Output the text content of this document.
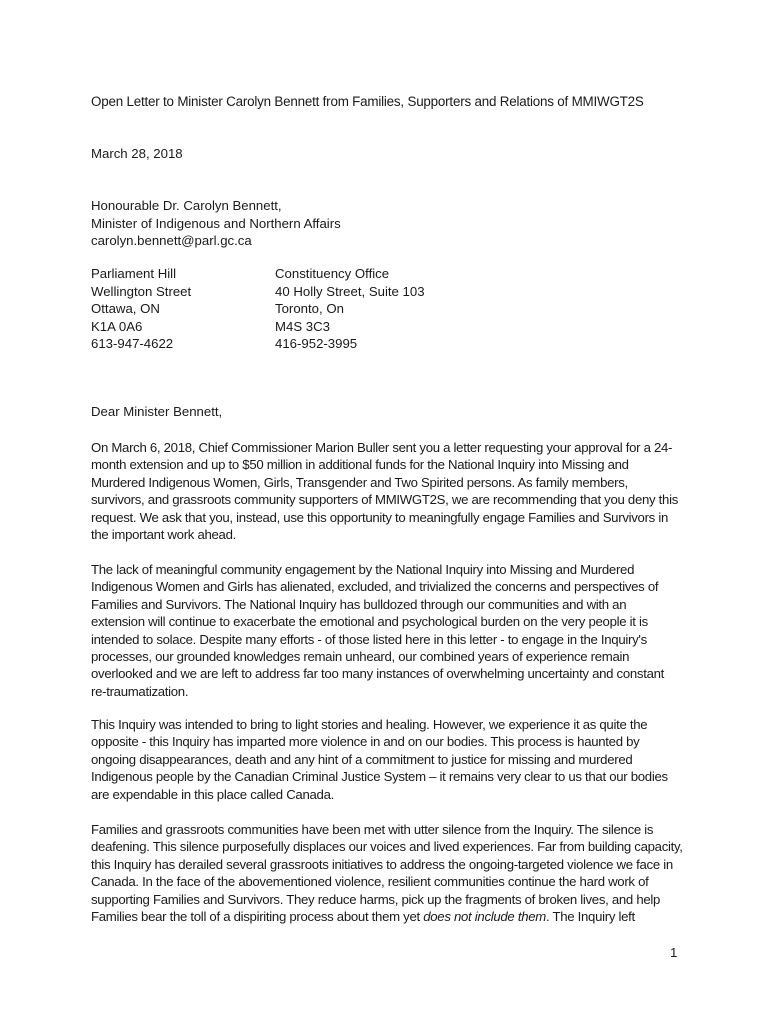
Open Letter to Minister Carolyn Bennett from Families, Supporters and Relations of MMIWGT2S
March 28, 2018
Honourable Dr. Carolyn Bennett,
Minister of Indigenous and Northern Affairs
carolyn.bennett@parl.gc.ca
Parliament Hill
Wellington Street
Ottawa, ON
K1A 0A6
613-947-4622
Constituency Office
40 Holly Street, Suite 103
Toronto, On
M4S 3C3
416-952-3995
Dear Minister Bennett,
On March 6, 2018, Chief Commissioner Marion Buller sent you a letter requesting your approval for a 24-
month extension and up to $50 million in additional funds for the National Inquiry into Missing and
Murdered Indigenous Women, Girls, Transgender and Two Spirited persons. As family members,
survivors, and grassroots community supporters of MMIWGT2S, we are recommending that you deny this
request. We ask that you, instead, use this opportunity to meaningfully engage Families and Survivors in
the important work ahead.
The lack of meaningful community engagement by the National Inquiry into Missing and Murdered
Indigenous Women and Girls has alienated, excluded, and trivialized the concerns and perspectives of
Families and Survivors. The National Inquiry has bulldozed through our communities and with an
extension will continue to exacerbate the emotional and psychological burden on the very people it is
intended to solace. Despite many efforts - of those listed here in this letter - to engage in the Inquiry's
processes, our grounded knowledges remain unheard, our combined years of experience remain
overlooked and we are left to address far too many instances of overwhelming uncertainty and constant
re-traumatization.
This Inquiry was intended to bring to light stories and healing. However, we experience it as quite the
opposite - this Inquiry has imparted more violence in and on our bodies. This process is haunted by
ongoing disappearances, death and any hint of a commitment to justice for missing and murdered
Indigenous people by the Canadian Criminal Justice System – it remains very clear to us that our bodies
are expendable in this place called Canada.
Families and grassroots communities have been met with utter silence from the Inquiry. The silence is
deafening. This silence purposefully displaces our voices and lived experiences. Far from building capacity,
this Inquiry has derailed several grassroots initiatives to address the ongoing-targeted violence we face in
Canada. In the face of the abovementioned violence, resilient communities continue the hard work of
supporting Families and Survivors. They reduce harms, pick up the fragments of broken lives, and help
Families bear the toll of a dispiriting process about them yet does not include them. The Inquiry left
1
